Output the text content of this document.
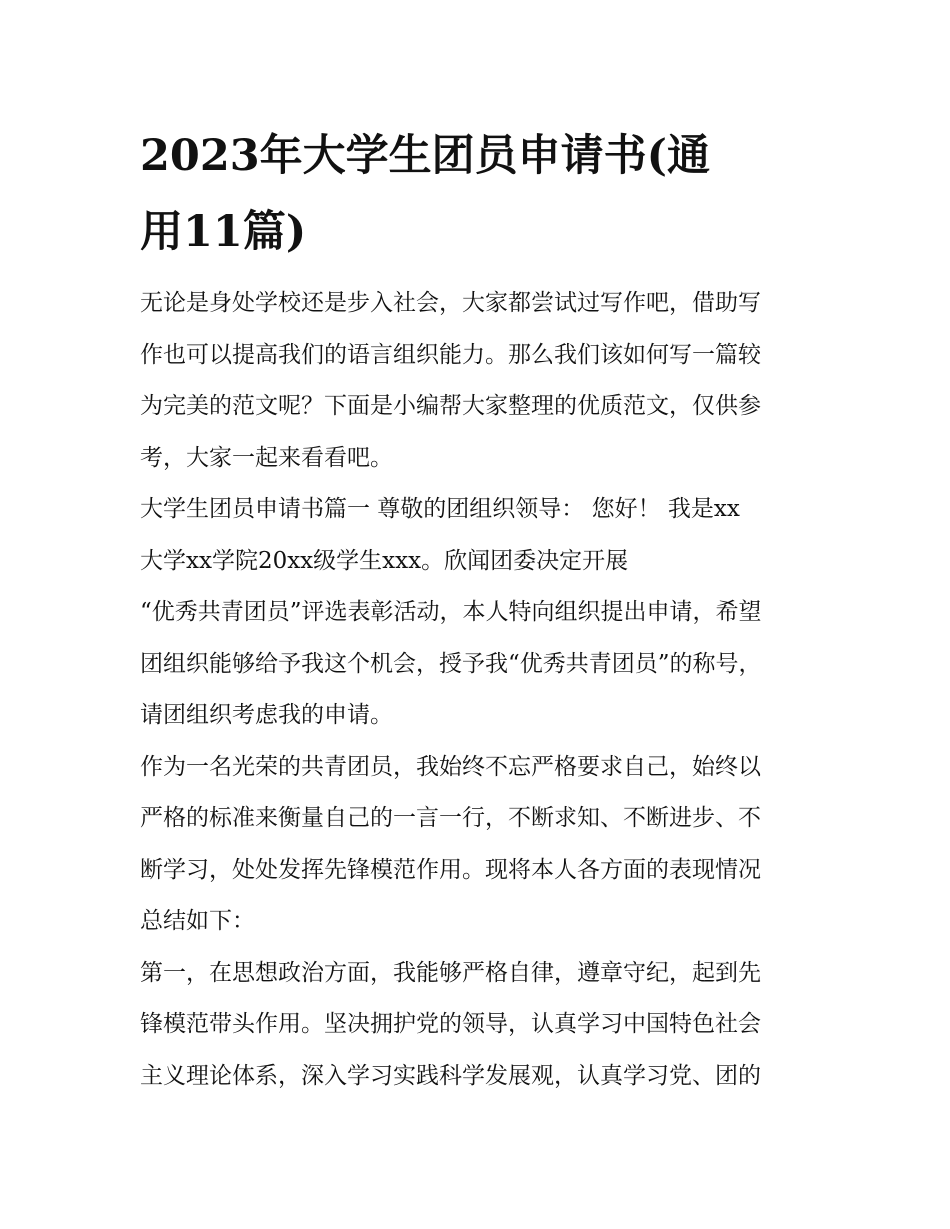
2023年大学生团员申请书(通
用11篇)
无论是身处学校还是步入社会，大家都尝试过写作吧，借助写
作也可以提高我们的语言组织能力。那么我们该如何写一篇较
为完美的范文呢？下面是小编帮大家整理的优质范文，仅供参
考，大家一起来看看吧。
大学生团员申请书篇一 尊敬的团组织领导： 您好！ 我是xx
大学xx学院20xx级学生xxx。欣闻团委决定开展
“优秀共青团员”评选表彰活动，本人特向组织提出申请，希望
团组织能够给予我这个机会，授予我“优秀共青团员”的称号，
请团组织考虑我的申请。
作为一名光荣的共青团员，我始终不忘严格要求自己，始终以
严格的标准来衡量自己的一言一行，不断求知、不断进步、不
断学习，处处发挥先锋模范作用。现将本人各方面的表现情况
总结如下：
第一，在思想政治方面，我能够严格自律，遵章守纪，起到先
锋模范带头作用。坚决拥护党的领导，认真学习中国特色社会
主义理论体系，深入学习实践科学发展观，认真学习党、团的
